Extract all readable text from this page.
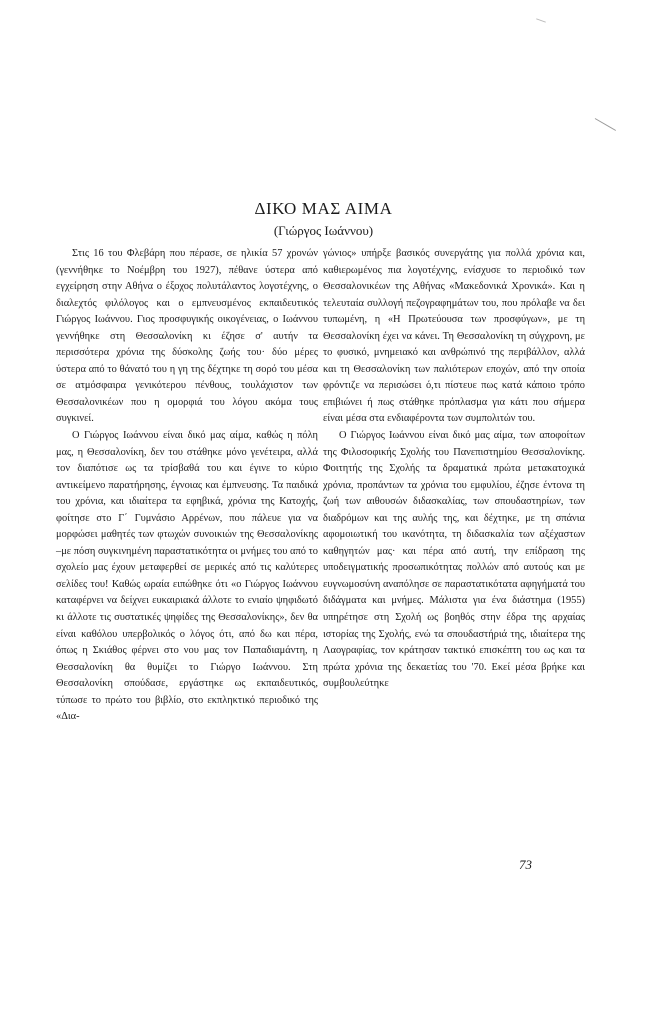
ΔΙΚΟ ΜΑΣ ΑΙΜΑ
(Γιώργος Ιωάννου)

Στις 16 του Φλεβάρη που πέρασε, σε ηλικία 57 χρονών (γεννήθηκε το Νοέμβρη του 1927), πέθανε ύστερα από εγχείρηση στην Αθήνα ο έξοχος πολυτάλαντος λογοτέχνης, ο διαλεχτός φιλόλογος και ο εμπνευσμένος εκπαιδευτικός Γιώργος Ιωάννου. Γιος προσφυγικής οικογένειας, ο Ιωάννου γεννήθηκε στη Θεσσαλονίκη κι έζησε σ' αυτήν τα περισσότερα χρόνια της δύσκολης ζωής του· δύο μέρες ύστερα από το θάνατό του η γη της δέχτηκε τη σορό του μέσα σε ατμόσφαιρα γενικότερου πένθους, τουλάχιστον των Θεσσαλονικέων που η ομορφιά του λόγου ακόμα τους συγκινεί.

Ο Γιώργος Ιωάννου είναι δικό μας αίμα, καθώς η πόλη μας, η Θεσσαλονίκη, δεν του στάθηκε μόνο γενέτειρα, αλλά τον διαπότισε ως τα τρίσβαθά του και έγινε το κύριο αντικείμενο παρατήρησης, έγνοιας και έμπνευσης. Τα παιδικά του χρόνια, και ιδιαίτερα τα εφηβικά, χρόνια της Κατοχής, φοίτησε στο Γ΄ Γυμνάσιο Αρρένων, που πάλευε για να μορφώσει μαθητές των φτωχών συνοικιών της Θεσσαλονίκης –με πόση συγκινημένη παραστατικότητα οι μνήμες του από το σχολείο μας έχουν μεταφερθεί σε μερικές από τις καλύτερες σελίδες του! Καθώς ωραία ειπώθηκε ότι «ο Γιώργος Ιωάννου καταφέρνει να δείχνει ευκαιριακά άλλοτε το ενιαίο ψηφιδωτό κι άλλοτε τις συστατικές ψηφίδες της Θεσσαλονίκης», δεν θα είναι καθόλου υπερβολικός ο λόγος ότι, από δω και πέρα, όπως η Σκιάθος φέρνει στο νου μας τον Παπαδιαμάντη, η Θεσσαλονίκη θα θυμίζει το Γιώργο Ιωάννου. Στη Θεσσαλονίκη σπούδασε, εργάστηκε ως εκπαιδευτικός, τύπωσε το πρώτο του βιβλίο, στο εκπληκτικό περιοδικό της «Δια-

γώνιος» υπήρξε βασικός συνεργάτης για πολλά χρόνια και, καθιερωμένος πια λογοτέχνης, ενίσχυσε το περιοδικό των Θεσσαλονικέων της Αθήνας «Μακεδονικά Χρονικά». Και η τελευταία συλλογή πεζογραφημάτων του, που πρόλαβε να δει τυπωμένη, η «Η Πρωτεύουσα των προσφύγων», με τη Θεσσαλονίκη έχει να κάνει. Τη Θεσσαλονίκη τη σύγχρονη, με το φυσικό, μνημειακό και ανθρώπινό της περιβάλλον, αλλά και τη Θεσσαλονίκη των παλιότερων εποχών, από την οποία φρόντιζε να περισώσει ό,τι πίστευε πως κατά κάποιο τρόπο επιβιώνει ή πως στάθηκε πρόπλασμα για κάτι που σήμερα είναι μέσα στα ενδιαφέροντα των συμπολιτών του.

Ο Γιώργος Ιωάννου είναι δικό μας αίμα, των αποφοίτων της Φιλοσοφικής Σχολής του Πανεπιστημίου Θεσσαλονίκης. Φοιτητής της Σχολής τα δραματικά πρώτα μετακατοχικά χρόνια, προπάντων τα χρόνια του εμφυλίου, έζησε έντονα τη ζωή των αιθουσών διδασκαλίας, των σπουδαστηρίων, των διαδρόμων και της αυλής της, και δέχτηκε, με τη σπάνια αφομοιωτική του ικανότητα, τη διδασκαλία των αξέχαστων καθηγητών μας· και πέρα από αυτή, την επίδραση της υποδειγματικής προσωπικότητας πολλών από αυτούς και με ευγνωμοσύνη αναπόλησε σε παραστατικότατα αφηγήματά του διδάγματα και μνήμες. Μάλιστα για ένα διάστημα (1955) υπηρέτησε στη Σχολή ως βοηθός στην έδρα της αρχαίας ιστορίας της Σχολής, ενώ τα σπουδαστήριά της, ιδιαίτερα της Λαογραφίας, τον κράτησαν τακτικό επισκέπτη του ως και τα πρώτα χρόνια της δεκαετίας του '70. Εκεί μέσα βρήκε και συμβουλεύτηκε

73
